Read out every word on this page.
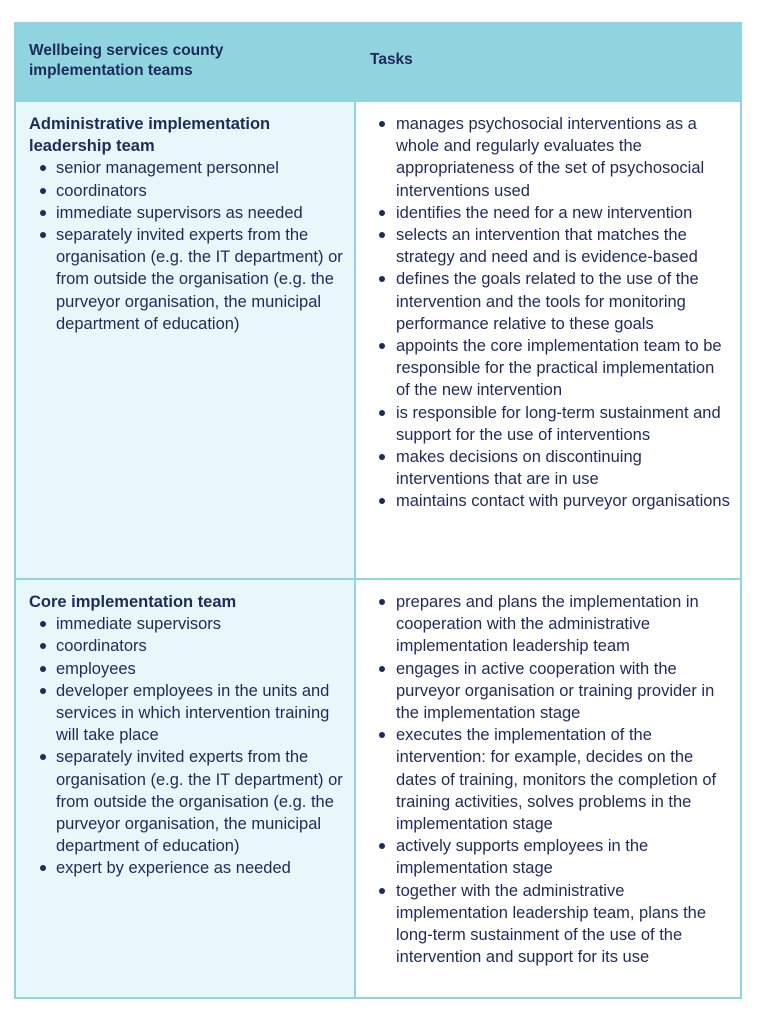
Wellbeing services county implementation teams
Tasks

Administrative implementation leadership team

senior management personnel
coordinators
immediate supervisors as needed
separately invited experts from the organisation (e.g. the IT department) or from outside the organisation (e.g. the purveyor organisation, the municipal department of education)
manages psychosocial interventions as a whole and regularly evaluates the appropriateness of the set of psychosocial interventions used
identifies the need for a new intervention
selects an intervention that matches the strategy and need and is evidence-based
defines the goals related to the use of the intervention and the tools for monitoring performance relative to these goals
appoints the core implementation team to be responsible for the practical implementation of the new intervention
is responsible for long-term sustainment and support for the use of interventions
makes decisions on discontinuing interventions that are in use
maintains contact with purveyor organisations

Core implementation team

immediate supervisors
coordinators
employees
developer employees in the units and services in which intervention training will take place
separately invited experts from the organisation (e.g. the IT department) or from outside the organisation (e.g. the purveyor organisation, the municipal department of education)
expert by experience as needed
prepares and plans the implementation in cooperation with the administrative implementation leadership team
engages in active cooperation with the purveyor organisation or training provider in the implementation stage
executes the implementation of the intervention: for example, decides on the dates of training, monitors the completion of training activities, solves problems in the implementation stage
actively supports employees in the implementation stage
together with the administrative implementation leadership team, plans the long-term sustainment of the use of the intervention and support for its use
